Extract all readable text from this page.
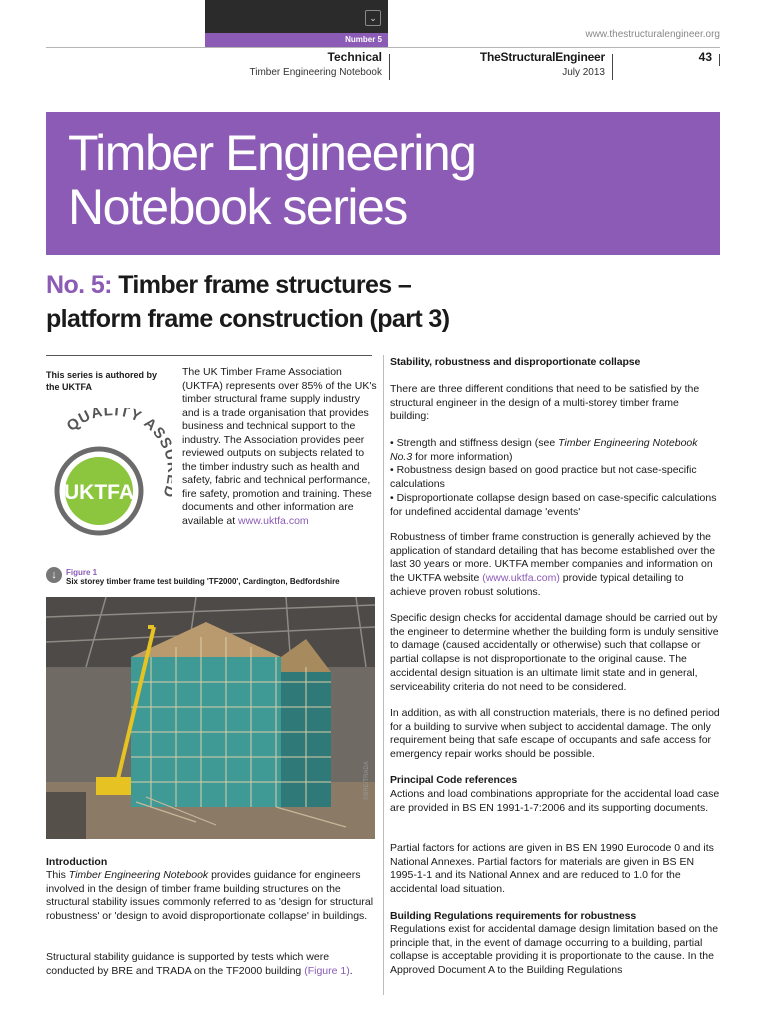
⌄
Number 5	www.thestructuralengineer.org
Technical
Timber Engineering Notebook
TheStructuralEngineer
July 2013
43
Timber Engineering
Notebook series
No. 5: Timber frame structures –
platform frame construction (part 3)
This series is authored by the UKTFA
UKTFA
QUALITY AS
The UK Timber Frame Association (UKTFA) represents over 85% of the UK's timber structural frame supply industry and is a trade organisation that provides business and technical support to the industry. The Association provides peer reviewed outputs on subjects related to the timber industry such as health and safety, fabric and technical performance, fire safety, promotion and training. These documents and other information are available at www.uktfa.com
↓	Figure 1
Six storey timber frame test building 'TF2000', Cardington, Bedfordshire
©BRE/TRADA
Introduction

This Timber Engineering Notebook provides guidance for engineers involved in the design of timber frame building structures on the structural stability issues commonly referred to as 'design for structural robustness' or 'design to avoid disproportionate collapse' in buildings.

Structural stability guidance is supported by tests which were conducted by BRE and TRADA on the TF2000 building (Figure 1).

Stability, robustness and disproportionate collapse

There are three different conditions that need to be satisfied by the structural engineer in the design of a multi-storey timber frame building:

• Strength and stiffness design (see Timber Engineering Notebook No.3 for more information)
• Robustness design based on good practice but not case-specific calculations
• Disproportionate collapse design based on case-specific calculations for undefined accidental damage 'events'

Robustness of timber frame construction is generally achieved by the application of standard detailing that has become established over the last 30 years or more. UKTFA member companies and information on the UKTFA website (www.uktfa.com) provide typical detailing to achieve proven robust solutions.

Specific design checks for accidental damage should be carried out by the engineer to determine whether the building form is unduly sensitive to damage (caused accidentally or otherwise) such that collapse or partial collapse is not disproportionate to the original cause. The accidental design situation is an ultimate limit state and in general, serviceability criteria do not need to be considered.

In addition, as with all construction materials, there is no defined period for a building to survive when subject to accidental damage. The only requirement being that safe escape of occupants and safe access for emergency repair works should be possible.

Principal Code references

Actions and load combinations appropriate for the accidental load case are provided in BS EN 1991-1-7:2006 and its supporting documents.

Partial factors for actions are given in BS EN 1990 Eurocode 0 and its National Annexes. Partial factors for materials are given in BS EN 1995-1-1 and its National Annex and are reduced to 1.0 for the accidental load situation.

Building Regulations requirements for robustness

Regulations exist for accidental damage design limitation based on the principle that, in the event of damage occurring to a building, partial collapse is acceptable providing it is proportionate to the cause. In the Approved Document A to the Building Regulations
